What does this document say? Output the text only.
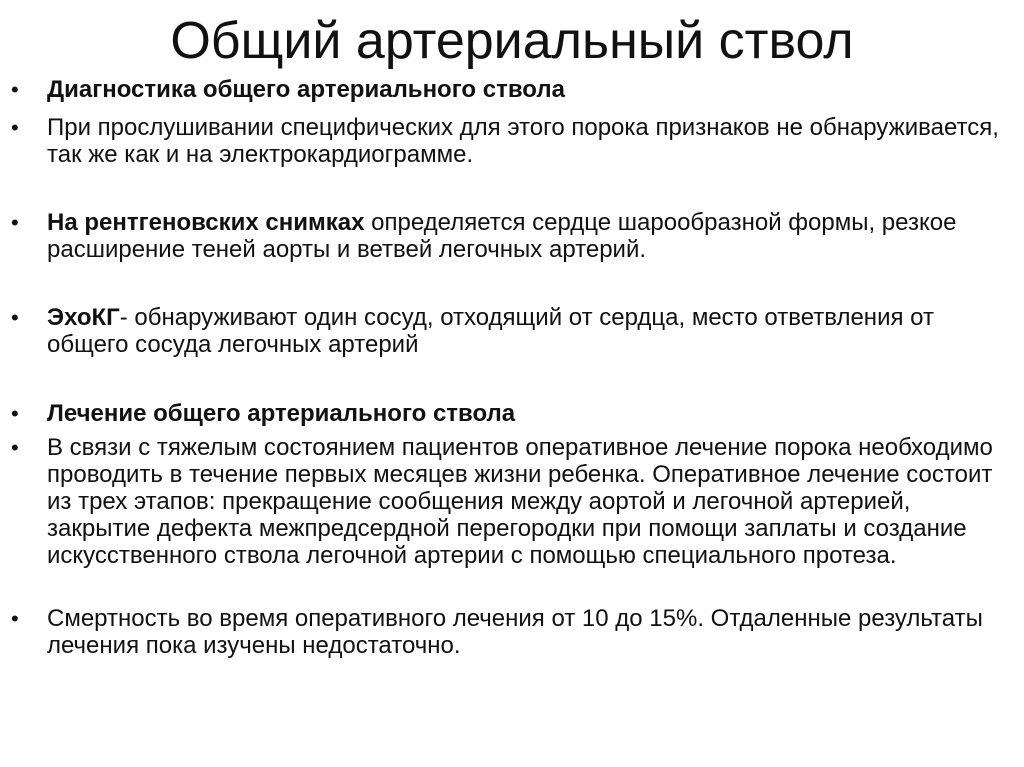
Общий артериальный ствол
•	Диагностика общего артериального ствола
•	При прослушивании специфических для этого порока признаков не обнаруживается, так же как и на электрокардиограмме.
•	На рентгеновских снимках определяется сердце шарообразной формы, резкое расширение теней аорты и ветвей легочных артерий.
•	ЭхоКГ- обнаруживают один сосуд, отходящий от сердца, место ответвления от общего сосуда легочных артерий
•	Лечение общего артериального ствола
•	В связи с тяжелым состоянием пациентов оперативное лечение порока необходимо проводить в течение первых месяцев жизни ребенка. Оперативное лечение состоит из трех этапов: прекращение сообщения между аортой и легочной артерией, закрытие дефекта межпредсердной перегородки при помощи заплаты и создание искусственного ствола легочной артерии с помощью специального протеза.
•	Смертность во время оперативного лечения от 10 до 15%. Отдаленные результаты лечения пока изучены недостаточно.
